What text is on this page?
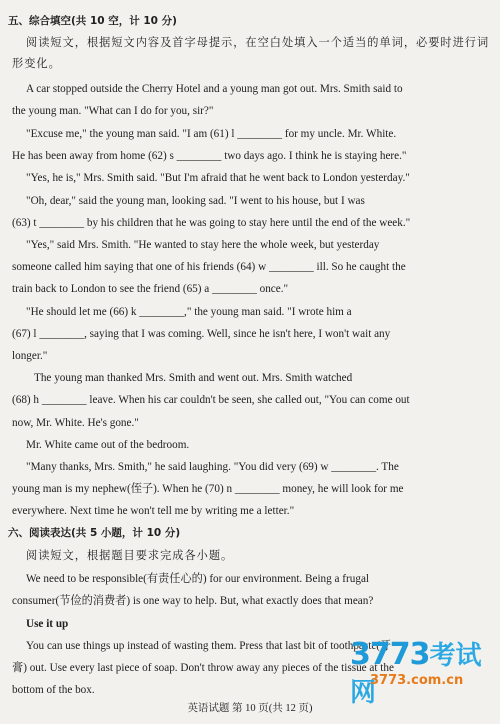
五、综合填空(共 10 空，计 10 分)
阅读短文，根据短文内容及首字母提示，在空白处填入一个适当的单词，必要时进行词
形变化。
A car stopped outside the Cherry Hotel and a young man got out. Mrs. Smith said to
the young man. "What can I do for you, sir?"
"Excuse me," the young man said. "I am (61) l ________ for my uncle. Mr. White.
He has been away from home (62) s ________ two days ago. I think he is staying here."
"Yes, he is," Mrs. Smith said. "But I'm afraid that he went back to London yesterday."
"Oh, dear," said the young man, looking sad. "I went to his house, but I was
(63) t ________ by his children that he was going to stay here until the end of the week."
"Yes," said Mrs. Smith. "He wanted to stay here the whole week, but yesterday
someone called him saying that one of his friends (64) w ________ ill. So he caught the
train back to London to see the friend (65) a ________ once."
"He should let me (66) k ________," the young man said. "I wrote him a
(67) l ________, saying that I was coming. Well, since he isn't here, I won't wait any
longer."
The young man thanked Mrs. Smith and went out. Mrs. Smith watched
(68) h ________ leave. When his car couldn't be seen, she called out, "You can come out
now, Mr. White. He's gone."
Mr. White came out of the bedroom.
"Many thanks, Mrs. Smith," he said laughing. "You did very (69) w ________. The
young man is my nephew(侄子). When he (70) n ________ money, he will look for me
everywhere. Next time he won't tell me by writing me a letter."
六、阅读表达(共 5 小题，计 10 分)
阅读短文，根据题目要求完成各小题。
We need to be responsible(有责任心的) for our environment. Being a frugal
consumer(节俭的消费者) is one way to help. But, what exactly does that mean?
Use it up
You can use things up instead of wasting them. Press that last bit of toothpaste(牙
膏) out. Use every last piece of soap. Don't throw away any pieces of the tissue at the
bottom of the box.
英语试题 第 10 页(共 12 页)
3773考试网
3773.com.cn
